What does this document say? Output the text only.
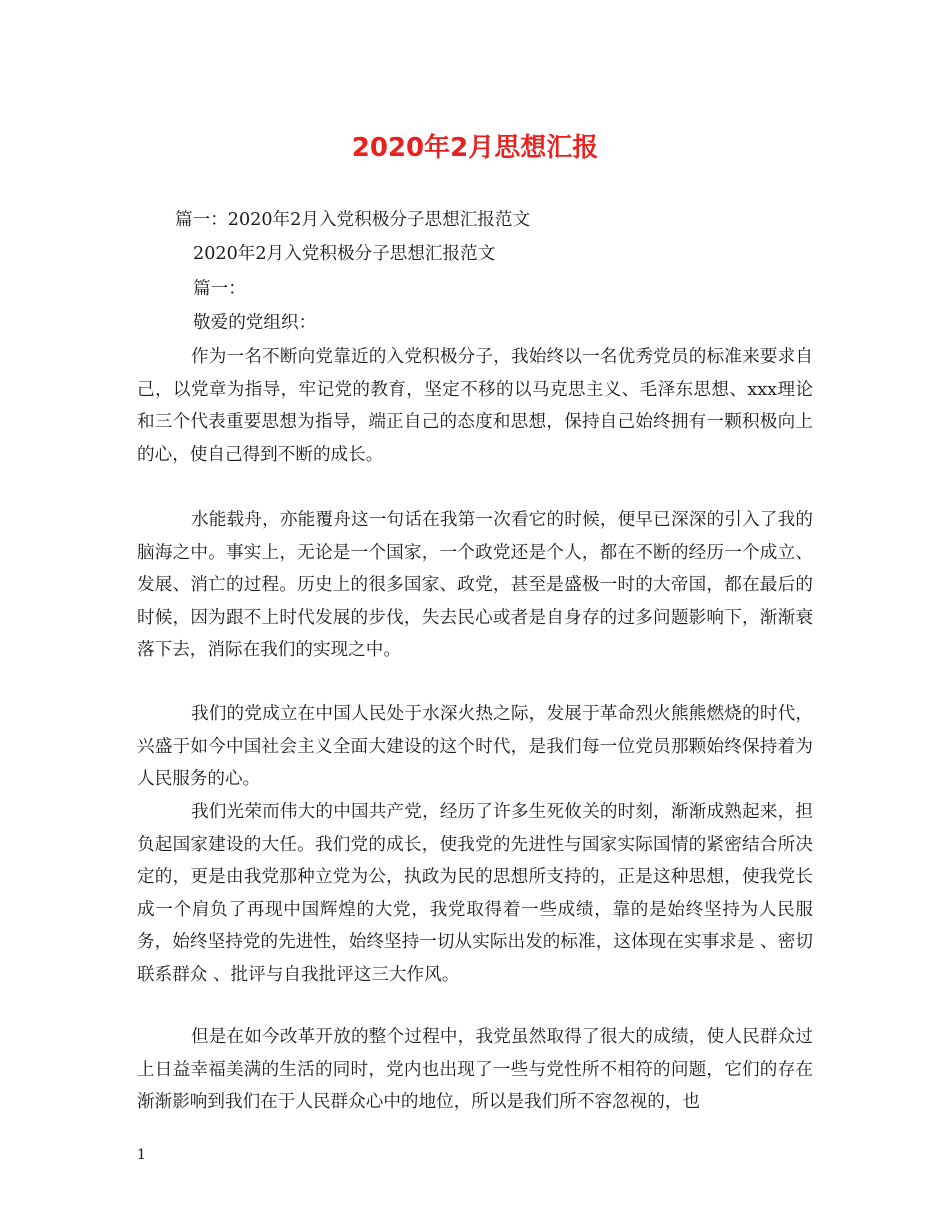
2020年2月思想汇报

篇一：2020年2月入党积极分子思想汇报范文

2020年2月入党积极分子思想汇报范文

篇一：

敬爱的党组织：

作为一名不断向党靠近的入党积极分子，我始终以一名优秀党员的标准来要求自己，以党章为指导，牢记党的教育，坚定不移的以马克思主义、毛泽东思想、xxx理论和三个代表重要思想为指导，端正自己的态度和思想，保持自己始终拥有一颗积极向上的心，使自己得到不断的成长。

水能载舟，亦能覆舟这一句话在我第一次看它的时候，便早已深深的引入了我的脑海之中。事实上，无论是一个国家，一个政党还是个人，都在不断的经历一个成立、发展、消亡的过程。历史上的很多国家、政党，甚至是盛极一时的大帝国，都在最后的时候，因为跟不上时代发展的步伐，失去民心或者是自身存的过多问题影响下，渐渐衰落下去，消际在我们的实现之中。

我们的党成立在中国人民处于水深火热之际，发展于革命烈火熊熊燃烧的时代，兴盛于如今中国社会主义全面大建设的这个时代，是我们每一位党员那颗始终保持着为人民服务的心。

我们光荣而伟大的中国共产党，经历了许多生死攸关的时刻，渐渐成熟起来，担负起国家建设的大任。我们党的成长，使我党的先进性与国家实际国情的紧密结合所决定的，更是由我党那种立党为公，执政为民的思想所支持的，正是这种思想，使我党长成一个肩负了再现中国辉煌的大党，我党取得着一些成绩，靠的是始终坚持为人民服务，始终坚持党的先进性，始终坚持一切从实际出发的标准，这体现在实事求是 、密切联系群众 、批评与自我批评这三大作风。

但是在如今改革开放的整个过程中，我党虽然取得了很大的成绩，使人民群众过上日益幸福美满的生活的同时，党内也出现了一些与党性所不相符的问题，它们的存在渐渐影响到我们在于人民群众心中的地位，所以是我们所不容忽视的，也

1
